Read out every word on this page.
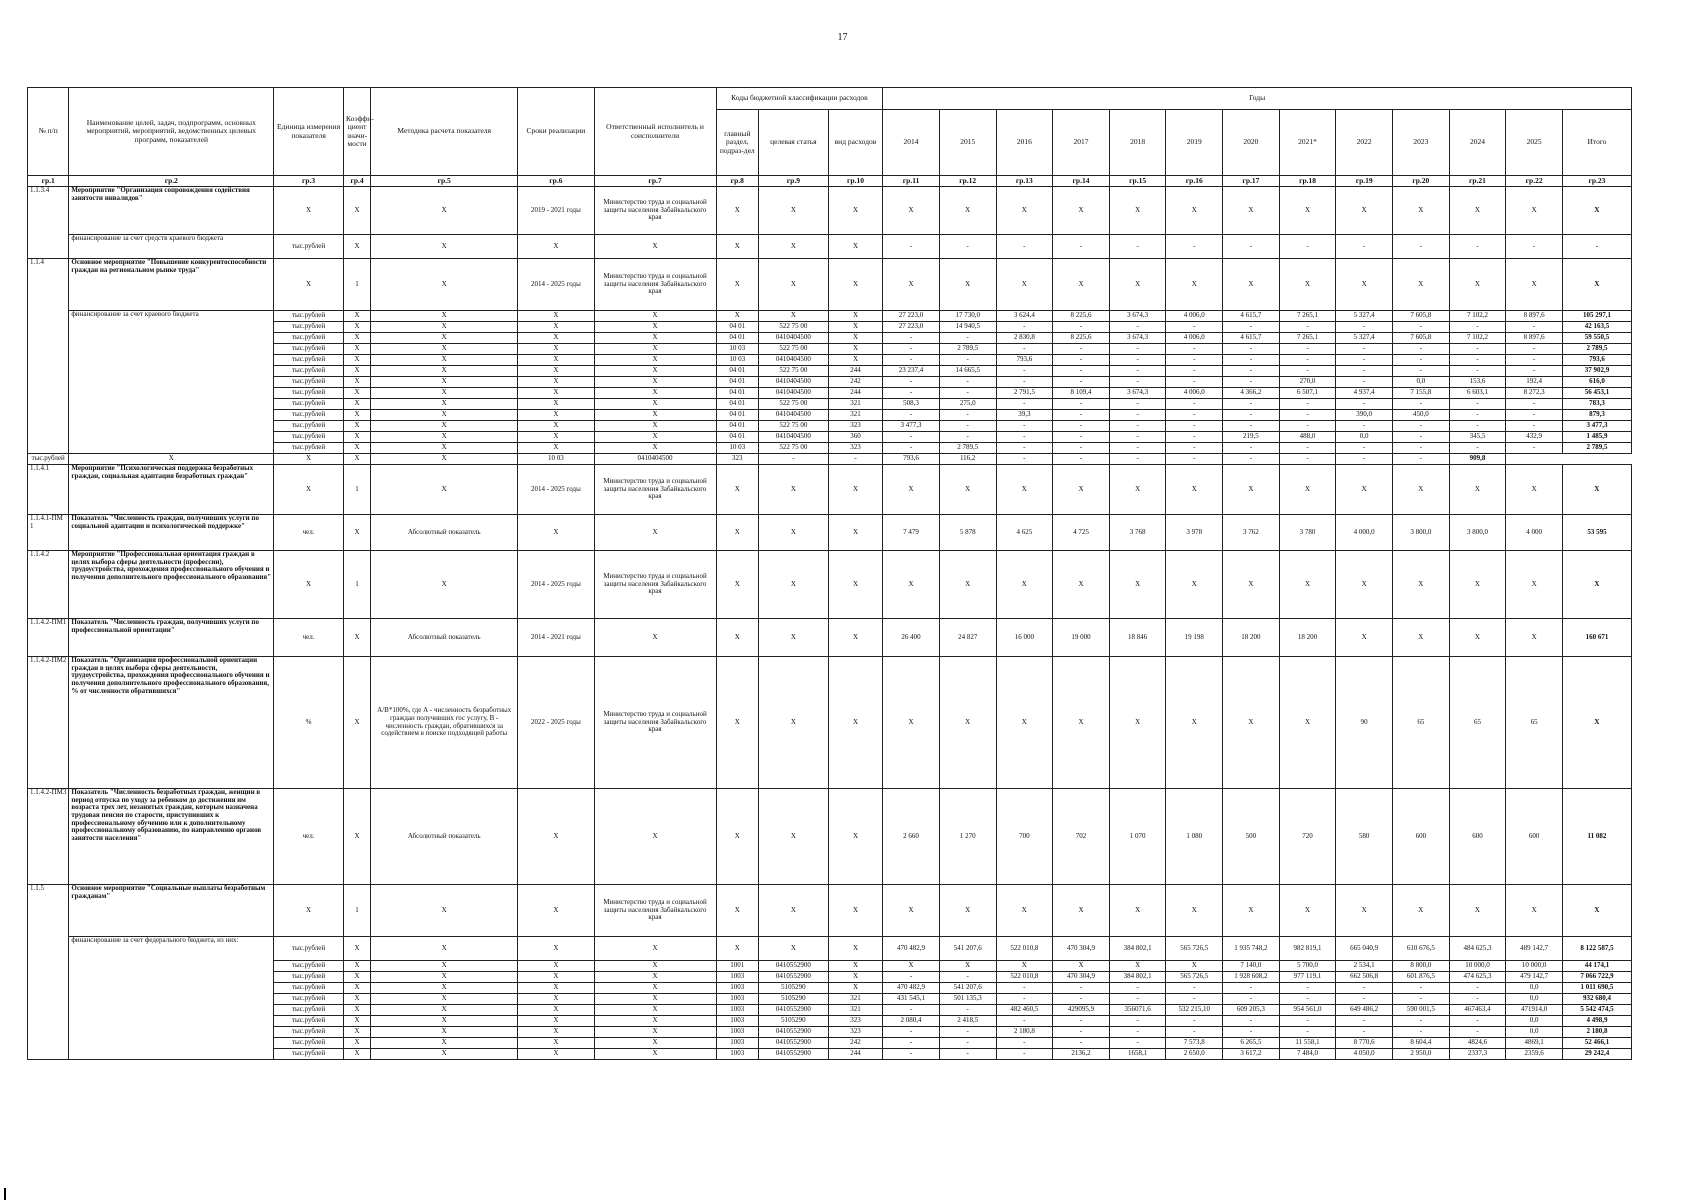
17
№ п/п	Наименование целей, задач, подпрограмм, основных мероприятий, мероприятий, ведомственных целевых программ, показателей	Единица измерения показателя	Коэффи-циент значи-мости	Методика расчета показателя	Сроки реализации	Ответственный исполнитель и соисполнители	Коды бюджетной классификации расходов			Годы												
							главный раздел, подраз-дел	целевая статья	вид расходов	2014	2015	2016	2017	2018	2019	2020	2021*	2022	2023	2024	2025	Итого
гр.1	гр.2	гр.3	гр.4	гр.5	гр.6	гр.7	гр.8	гр.9	гр.10	гр.11	гр.12	гр.13	гр.14	гр.15	гр.16	гр.17	гр.18	гр.19	гр.20	гр.21	гр.22	гр.23
1.1.3.4	Мероприятие "Организация сопровождения содействия занятости инвалидов"	Х	Х	Х	2019 - 2021 годы	Министерство труда и социальной защиты населения Забайкальского края	Х	Х	Х	Х	Х	Х	Х	Х	Х	Х	Х	Х	Х	Х	Х	Х
	финансирование за счет средств краевого бюджета	тыс.рублей	Х	Х	Х	Х	Х	Х	Х	-	-	-	-	-	-	-	-	-	-	-	-	-
1.1.4	Основное мероприятие "Повышение конкурентоспособности граждан на региональном рынке труда"	Х	1	Х	2014 - 2025 годы	Министерство труда и социальной защиты населения Забайкальского края	Х	Х	Х	Х	Х	Х	Х	Х	Х	Х	Х	Х	Х	Х	Х	Х
	финансирование за счет краевого бюджета	тыс.рублей	Х	Х	Х	Х	Х	Х	Х	27 223,0	17 730,0	3 624,4	8 225,6	3 674,3	4 006,0	4 615,7	7 265,1	5 327,4	7 605,8	7 102,2	8 897,6	105 297,1
		тыс.рублей	Х	Х	Х	Х	04 01	522 75 00	Х	27 223,0	14 940,5	-	-	-	-	-	-	-	-	-	-	42 163,5
		тыс.рублей	Х	Х	Х	Х	04 01	0410404500	Х	-	-	2 830,8	8 225,6	3 674,3	4 006,0	4 615,7	7 265,1	5 327,4	7 605,8	7 102,2	8 897,6	59 550,5
		тыс.рублей	Х	Х	Х	Х	10 03	522 75 00	Х	-	2 789,5	-	-	-	-	-	-	-	-	-	-	2 789,5
		тыс.рублей	Х	Х	Х	Х	10 03	0410404500	Х	-	-	793,6	-	-	-	-	-	-	-	-	-	793,6
		тыс.рублей	Х	Х	Х	Х	04 01	522 75 00	244	23 237,4	14 665,5	-	-	-	-	-	-	-	-	-	-	37 902,9
		тыс.рублей	Х	Х	Х	Х	04 01	0410404500	242	-	-	-	-	-	-	-	270,0	-	0,0	153,6	192,4	616,0
		тыс.рублей	Х	Х	Х	Х	04 01	0410404500	244	-	-	2 791,5	8 109,4	3 674,3	4 006,0	4 366,2	6 507,1	4 937,4	7 155,8	6 603,1	8 272,3	56 453,1
		тыс.рублей	Х	Х	Х	Х	04 01	522 75 00	321	508,3	275,0	-	-	-	-	-	-	-	-	-	-	783,3
		тыс.рублей	Х	Х	Х	Х	04 01	0410404500	321	-	-	39,3	-	-	-	-	-	390,0	450,0	-	-	879,3
		тыс.рублей	Х	Х	Х	Х	04 01	522 75 00	323	3 477,3	-	-	-	-	-	-	-	-	-	-	-	3 477,3
		тыс.рублей	Х	Х	Х	Х	04 01	0410404500	360	-	-	-	-	-	-	219,5	488,0	0,0	-	345,5	432,9	1 485,9
		тыс.рублей	Х	Х	Х	Х	10 03	522 75 00	323	-	2 789,5	-	-	-	-	-	-	-	-	-	-	2 789,5
тыс.рублей	Х	Х	Х	Х	10 03	0410404500	323	-	-	793,6	116,2	-	-	-	-	-	-	-	-	909,8		
1.1.4.1	Мероприятие "Психологическая поддержка безработных граждан, социальная адаптация безработных граждан"	Х	1	Х	2014 - 2025 годы	Министерство труда и социальной защиты населения Забайкальского края	Х	Х	Х	Х	Х	Х	Х	Х	Х	Х	Х	Х	Х	Х	Х	Х
1.1.4.1-ПМ 1	Показатель "Численность граждан, получивших услуги по социальной адаптации и психологической поддержке"	чел.	Х	Абсолютный показатель	Х	Х	Х	Х	Х	7 479	5 878	4 625	4 725	3 768	3 978	3 762	3 780	4 000,0	3 800,0	3 800,0	4 000	53 595
1.1.4.2	Мероприятие "Профессиональная ориентация граждан в целях выбора сферы деятельности (профессии), трудоустройства, прохождения профессионального обучения и получения дополнительного профессионального образования"	Х	1	Х	2014 - 2025 годы	Министерство труда и социальной защиты населения Забайкальского края	Х	Х	Х	Х	Х	Х	Х	Х	Х	Х	Х	Х	Х	Х	Х	Х
1.1.4.2-ПМ1	Показатель "Численность граждан, получивших услуги по профессиональной ориентации"	чел.	Х	Абсолютный показатель	2014 - 2021 годы	Х	Х	Х	Х	26 400	24 827	16 000	19 000	18 846	19 198	18 200	18 200	Х	Х	Х	Х	160 671
1.1.4.2-ПМ2	Показатель "Организация профессиональной ориентации граждан в целях выбора сферы деятельности, трудоустройства, прохождения профессионального обучения и получения дополнительного профессионального образования, % от численности обратившихся"	%	Х	А/В*100%, где А - численность безработных граждан получивших гос услугу, В - численность граждан, обратившихся за содействием в поиске подходящей работы	2022 - 2025 годы	Министерство труда и социальной защиты населения Забайкальского края	Х	Х	Х	Х	Х	Х	Х	Х	Х	Х	Х	90	65	65	65	Х
1.1.4.2-ПМ3	Показатель "Численность безработных граждан, женщин в период отпуска по уходу за ребенком до достижения им возраста трех лет, незанятых граждан, которым назначена трудовая пенсия по старости, приступивших к профессиональному обучению или к дополнительному профессиональному образованию, по направлению органов занятости населения"	чел.	Х	Абсолютный показатель	Х	Х	Х	Х	Х	2 660	1 270	700	702	1 070	1 080	500	720	580	600	600	600	11 082
1.1.5	Основное мероприятие "Социальные выплаты безработным гражданам"	Х	1	Х	Х	Министерство труда и социальной защиты населения Забайкальского края	Х	Х	Х	Х	Х	Х	Х	Х	Х	Х	Х	Х	Х	Х	Х	Х
	финансирование за счет федерального бюджета, из них:	тыс.рублей	Х	Х	Х	Х	Х	Х	Х	470 482,9	541 207,6	522 010,8	470 304,9	384 802,1	565 726,5	1 935 748,2	982 819,1	665 040,9	610 676,5	484 625,3	489 142,7	8 122 587,5
		тыс.рублей	Х	Х	Х	Х	1001	0410552900	Х	Х	Х	Х	Х	Х	Х	7 140,0	5 700,0	2 534,1	8 800,0	10 000,0	10 000,0	44 174,1
		тыс.рублей	Х	Х	Х	Х	1003	0410552900	Х	-	-	522 010,8	470 304,9	384 802,1	565 726,5	1 928 608,2	977 119,1	662 506,8	601 876,5	474 625,3	479 142,7	7 066 722,9
		тыс.рублей	Х	Х	Х	Х	1003	5105290	Х	470 482,9	541 207,6	-	-	-	-	-	-	-	-	-	0,0	1 011 690,5
		тыс.рублей	Х	Х	Х	Х	1003	5105290	321	431 545,1	501 135,3	-	-	-	-	-	-	-	-	-	0,0	932 680,4
		тыс.рублей	Х	Х	Х	Х	1003	0410552900	321	-	-	482 460,5	429095,9	356071,6	532 215,10	609 205,3	954 561,0	649 486,2	590 001,5	467463,4	471914,0	5 542 474,5
		тыс.рублей	Х	Х	Х	Х	1003	5105290	323	2 080,4	2 418,5	-	-	-	-	-	-	-	-	-	0,0	4 498,9
		тыс.рублей	Х	Х	Х	Х	1003	0410552900	323	-	-	2 180,8	-	-	-	-	-	-	-	-	0,0	2 180,8
		тыс.рублей	Х	Х	Х	Х	1003	0410552900	242	-	-	-	-	-	7 573,8	6 265,5	11 558,1	8 770,6	8 604,4	4824,6	4869,1	52 466,1
		тыс.рублей	Х	Х	Х	Х	1003	0410552900	244	-	-	-	2136,2	1658,1	2 650,0	3 617,2	7 484,0	4 050,0	2 950,0	2337,3	2359,6	29 242,4
